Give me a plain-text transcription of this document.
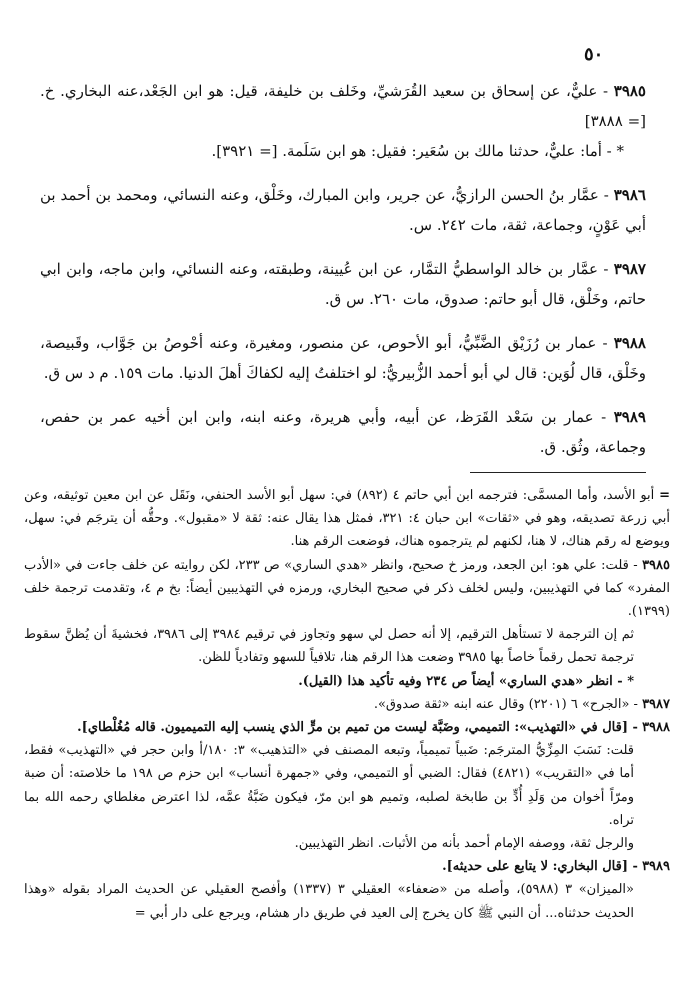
٥٠

٣٩٨٥ - عليٌّ، عن إسحاق بن سعيد القُرَشيِّ، وخَلف بن خليفة، قيل: هو ابن الجَعْد،عنه البخاري. خ. [= ٣٨٨٨]
* - أما: عليٌّ، حدثنا مالك بن سُعَير: فقيل: هو ابن سَلَمة. [= ٣٩٢١].

٣٩٨٦ - عمَّار بنُ الحسن الرازيُّ، عن جرير، وابن المبارك، وخَلْق، وعنه النسائي، ومحمد بن أحمد بن أبي عَوْنٍ، وجماعة، ثقة، مات ٢٤٢. س.

٣٩٨٧ - عمَّار بن خالد الواسطيُّ التمَّار، عن ابن عُيينة، وطبقته، وعنه النسائي، وابن ماجه، وابن ابي حاتم، وخَلْق، قال أبو حاتم: صدوق، مات ٢٦٠. س ق.

٣٩٨٨ - عمار بن رُزَيْق الضَّبِّيُّ، أبو الأحوص، عن منصور، ومغيرة، وعنه أحْوصُ بن جَوَّاب، وقَبيصة، وخَلْق، قال لُوَين: قال لي أبو أحمد الزُّبيريُّ: لو اختلفتُ إليه لكفاكَ أهلَ الدنيا. مات ١٥٩. م د س ق.

٣٩٨٩ - عمار بن سَعْد القَرَظ، عن أبيه، وأبي هريرة، وعنه ابنه، وابن ابن أخيه عمر بن حفص، وجماعة، وثُق. ق.

= أبو الأسد، وأما المسمَّى: فترجمه ابن أبي حاتم ٤ (٨٩٢) في: سهل أبو الأسد الحنفي، ونَقَل عن ابن معين توثيقه، وعن أبي زرعة تصديقه، وهو في «ثقات» ابن حبان ٤: ٣٢١، فمثل هذا يقال عنه: ثقة لا «مقبول». وحقُّه أن يترجَم في: سهل، ويوضع له رقم هناك، لا هنا، لكنهم لم يترجموه هناك، فوضعت الرقم هنا.

٣٩٨٥ - قلت: علي هو: ابن الجعد، ورمز خ صحيح، وانظر «هدي الساري» ص ٢٣٣، لكن روايته عن خلف جاءت في «الأدب المفرد» كما في التهذيبين، وليس لخلف ذكر في صحيح البخاري، ورمزه في التهذيبين أيضاً: بخ م ٤، وتقدمت ترجمة خلف (١٣٩٩).
ثم إن الترجمة لا تستأهل الترقيم، إلا أنه حصل لي سهو وتجاوز في ترقيم ٣٩٨٤ إلى ٣٩٨٦، فخشيةَ أن يُظنَّ سقوط ترجمة تحمل رقماً خاصاً بها ٣٩٨٥ وضعت هذا الرقم هنا، تلافياً للسهو وتفادياً للظن.
* - انظر «هدي الساري» أيضاً ص ٢٣٤ وفيه تأكيد هذا (القيل).

٣٩٨٧ - «الجرح» ٦ (٢٢٠١) وقال عنه ابنه «ثقة صدوق».

٣٩٨٨ - [قال في «التهذيب»: التميمي، وضَبَّة ليست من تميم بن مرٍّ الذي ينسب إليه التميميون. قاله مُغُلْطاي].
قلت: نَسَبَ المِزِّيُّ المترجَم: ضَبياً تميمياً، وتبعه المصنف في «التذهيب» ٣: ١٨٠/أ وابن حجر في «التهذيب» فقط، أما في «التقريب» (٤٨٢١) فقال: الضبي أو التميمي، وفي «جمهرة أنساب» ابن حزم ص ١٩٨ ما خلاصته: أن ضبة ومرّاً أخوان من وَلَدِ أُدٍّ بن طابخة لصلبه، وتميم هو ابن مرّ، فيكون ضَبَّةُ عمَّه، لذا اعترض مغلطاي رحمه الله بما تراه.
والرجل ثقة، ووصفه الإمام أحمد بأنه من الأثبات. انظر التهذيبين.

٣٩٨٩ - [قال البخاري: لا يتابع على حديثه].
«الميزان» ٣ (٥٩٨٨)، وأصله من «ضعفاء» العقيلي ٣ (١٣٣٧) وأفصح العقيلي عن الحديث المراد بقوله «وهذا الحديث حدثناه... أن النبي ﷺ كان يخرج إلى العيد في طريق دار هشام، ويرجع على دار أبي =
